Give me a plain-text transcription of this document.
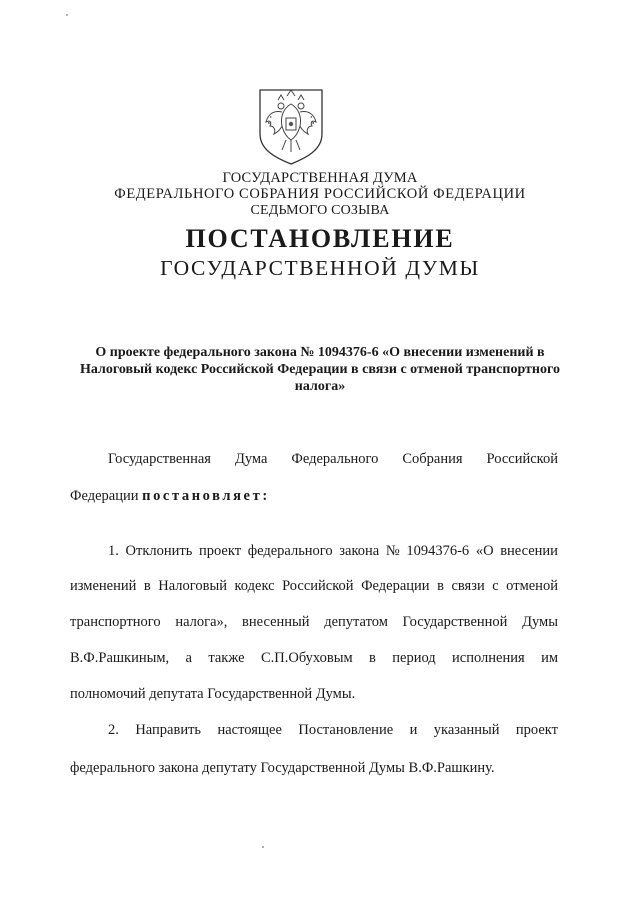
ГОСУДАРСТВЕННАЯ ДУМА
ФЕДЕРАЛЬНОГО СОБРАНИЯ РОССИЙСКОЙ ФЕДЕРАЦИИ
СЕДЬМОГО СОЗЫВА
ПОСТАНОВЛЕНИЕ
ГОСУДАРСТВЕННОЙ ДУМЫ
О проекте федерального закона № 1094376-6 «О внесении изменений в Налоговый кодекс Российской Федерации в связи с отменой транспортного налога»
Государственная Дума Федерального Собрания Российской
Федерации постановляет:
1. Отклонить проект федерального закона № 1094376-6 «О внесении
изменений в Налоговый кодекс Российской Федерации в связи с отменой
транспортного налога», внесенный депутатом Государственной Думы
В.Ф.Рашкиным, а также С.П.Обуховым в период исполнения им
полномочий депутата Государственной Думы.
2. Направить настоящее Постановление и указанный проект
федерального закона депутату Государственной Думы В.Ф.Рашкину.
